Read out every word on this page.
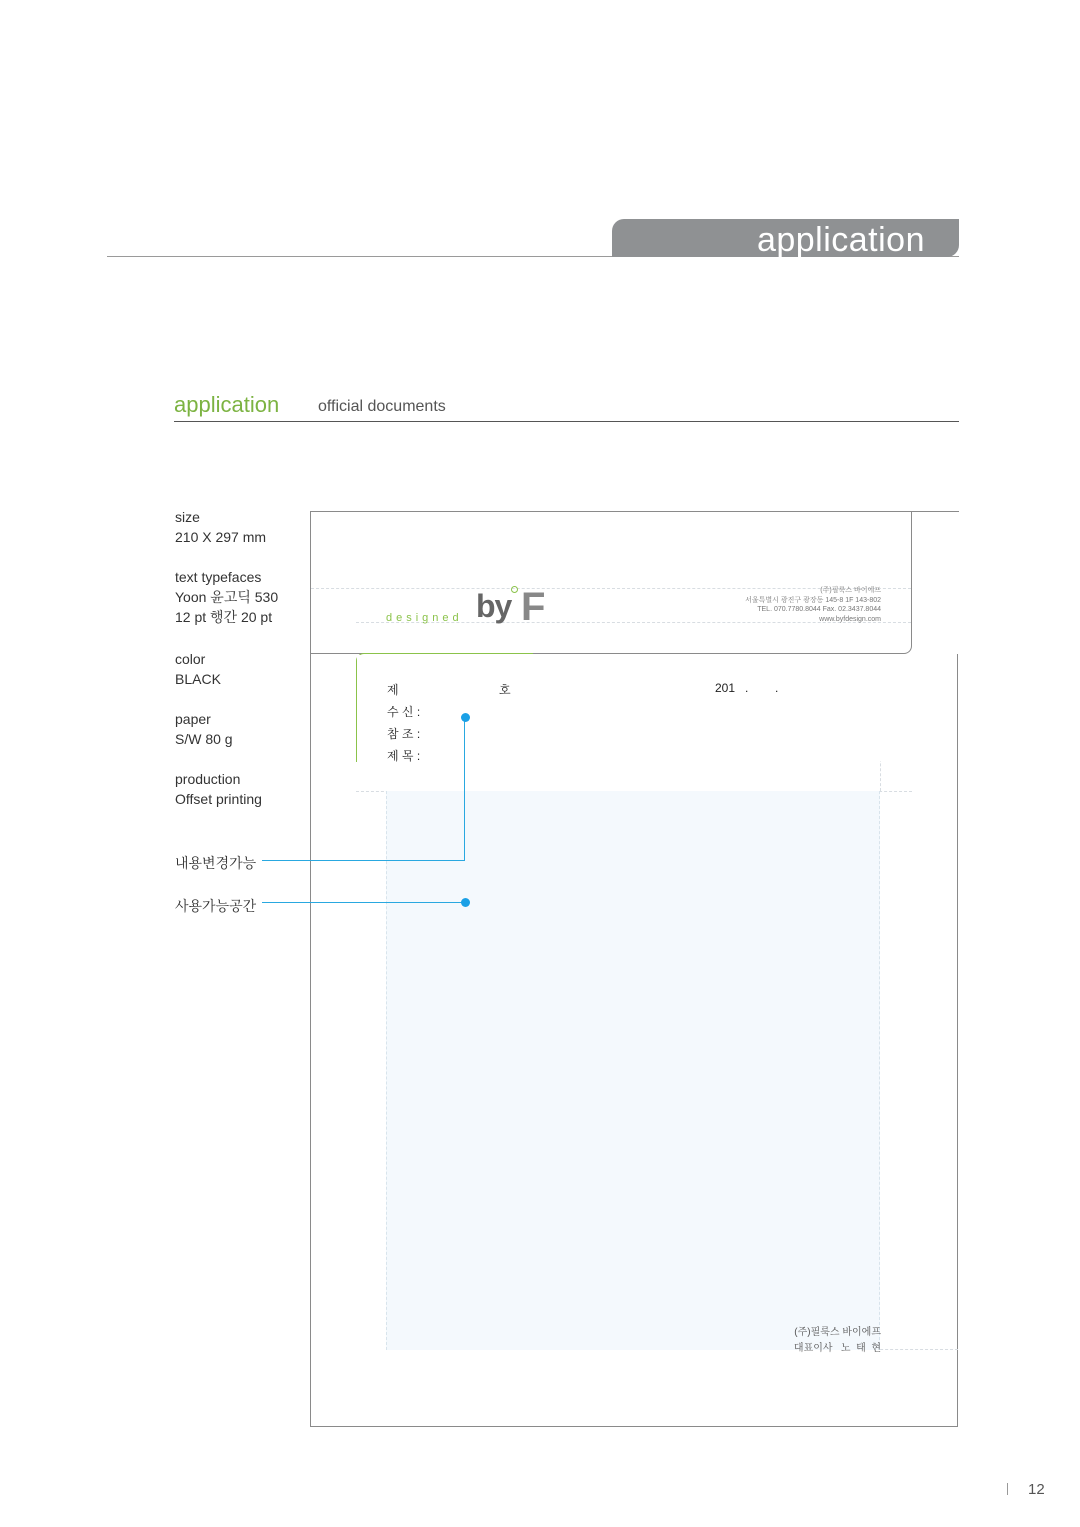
application
application official documents
size
210 X 297 mm
text typefaces
Yoon 윤고딕 530
12 pt 행간 20 pt
color
BLACK
paper
S/W 80 g
production
Offset printing
designed by F	(주)필룩스 바이에프
서울특별시 광진구 광장동 145-8 1F 143-802
TEL. 070.7780.8044 Fax. 02.3437.8044
www.byfdesign.com
제	호	201   .        .
수 신 :
참 조 :
제 목 :
(주)필룩스 바이에프
대표이사   노  태  현
내용변경가능
사용가능공간
12
